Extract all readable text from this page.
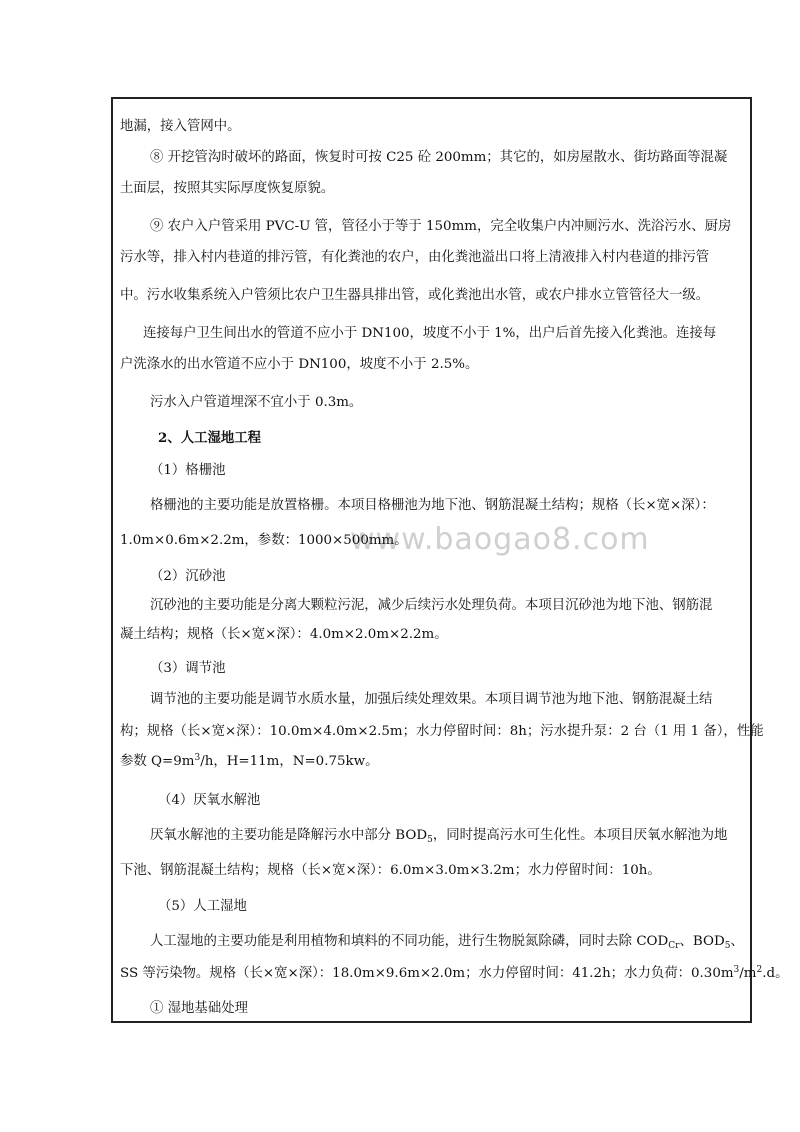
www.baogao8.com
地漏，接入管网中。
⑧ 开挖管沟时破坏的路面，恢复时可按 C25 砼 200mm；其它的，如房屋散水、街坊路面等混凝
土面层，按照其实际厚度恢复原貌。
⑨ 农户入户管采用 PVC-U 管，管径小于等于 150mm，完全收集户内冲厕污水、洗浴污水、厨房
污水等，排入村内巷道的排污管，有化粪池的农户，由化粪池溢出口将上清液排入村内巷道的排污管
中。污水收集系统入户管须比农户卫生器具排出管，或化粪池出水管，或农户排水立管管径大一级。
连接每户卫生间出水的管道不应小于 DN100，坡度不小于 1%，出户后首先接入化粪池。连接每
户洗涤水的出水管道不应小于 DN100，坡度不小于 2.5%。
污水入户管道埋深不宜小于 0.3m。
2、人工湿地工程
（1）格栅池
格栅池的主要功能是放置格栅。本项目格栅池为地下池、钢筋混凝土结构；规格（长×宽×深）：
1.0m×0.6m×2.2m，参数：1000×500mm。
（2）沉砂池
沉砂池的主要功能是分离大颗粒污泥，减少后续污水处理负荷。本项目沉砂池为地下池、钢筋混
凝土结构；规格（长×宽×深）：4.0m×2.0m×2.2m。
（3）调节池
调节池的主要功能是调节水质水量，加强后续处理效果。本项目调节池为地下池、钢筋混凝土结
构；规格（长×宽×深）：10.0m×4.0m×2.5m；水力停留时间：8h；污水提升泵：2 台（1 用 1 备），性能
参数 $Q=9m^3/h$，H=11m，N=0.75kw。
（4）厌氧水解池
厌氧水解池的主要功能是降解污水中部分 $BOD_5$，同时提高污水可生化性。本项目厌氧水解池为地
下池、钢筋混凝土结构；规格（长×宽×深）：6.0m×3.0m×3.2m；水力停留时间：10h。
（5）人工湿地
人工湿地的主要功能是利用植物和填料的不同功能，进行生物脱氮除磷，同时去除 $COD_{Cr}$、$BOD_5$、
SS 等污染物。规格（长×宽×深）：18.0m×9.6m×2.0m；水力停留时间：41.2h；水力负荷：$0.30m^3/m^2.d$。
① 湿地基础处理
